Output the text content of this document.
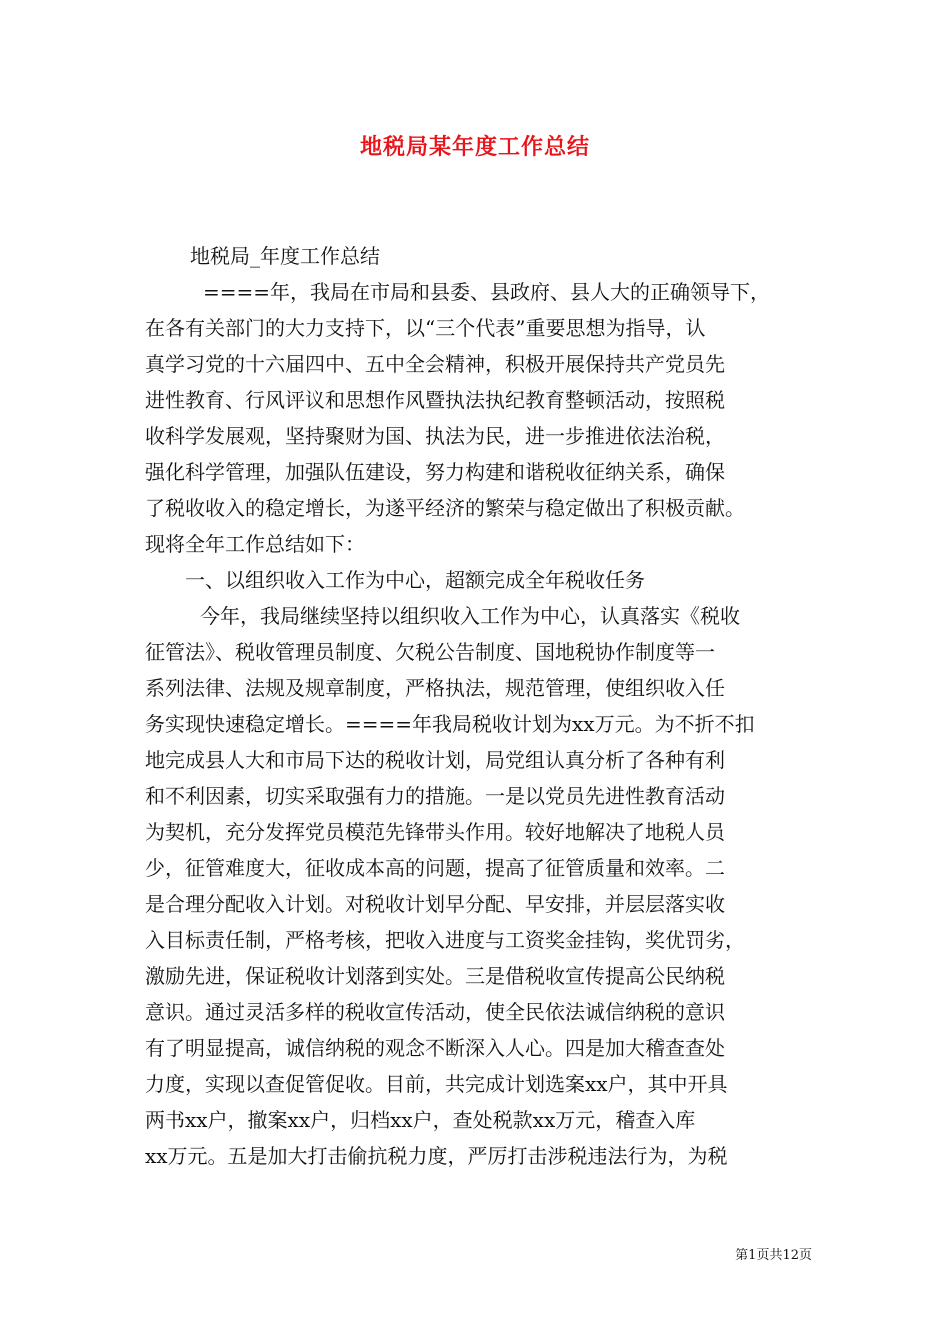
地税局某年度工作总结
地税局_年度工作总结
====年，我局在市局和县委、县政府、县人大的正确领导下，
在各有关部门的大力支持下，以“三个代表”重要思想为指导，认
真学习党的十六届四中、五中全会精神，积极开展保持共产党员先
进性教育、行风评议和思想作风暨执法执纪教育整顿活动，按照税
收科学发展观，坚持聚财为国、执法为民，进一步推进依法治税，
强化科学管理，加强队伍建设，努力构建和谐税收征纳关系，确保
了税收收入的稳定增长，为遂平经济的繁荣与稳定做出了积极贡献。
现将全年工作总结如下：
一、以组织收入工作为中心，超额完成全年税收任务
今年，我局继续坚持以组织收入工作为中心，认真落实《税收
征管法》、税收管理员制度、欠税公告制度、国地税协作制度等一
系列法律、法规及规章制度，严格执法，规范管理，使组织收入任
务实现快速稳定增长。====年我局税收计划为xx万元。为不折不扣
地完成县人大和市局下达的税收计划，局党组认真分析了各种有利
和不利因素，切实采取强有力的措施。一是以党员先进性教育活动
为契机，充分发挥党员模范先锋带头作用。较好地解决了地税人员
少，征管难度大，征收成本高的问题，提高了征管质量和效率。二
是合理分配收入计划。对税收计划早分配、早安排，并层层落实收
入目标责任制，严格考核，把收入进度与工资奖金挂钩，奖优罚劣，
激励先进，保证税收计划落到实处。三是借税收宣传提高公民纳税
意识。通过灵活多样的税收宣传活动，使全民依法诚信纳税的意识
有了明显提高，诚信纳税的观念不断深入人心。四是加大稽查查处
力度，实现以查促管促收。目前，共完成计划选案xx户，其中开具
两书xx户，撤案xx户，归档xx户，查处税款xx万元，稽查入库
xx万元。五是加大打击偷抗税力度，严厉打击涉税违法行为，为税
第1页共12页
